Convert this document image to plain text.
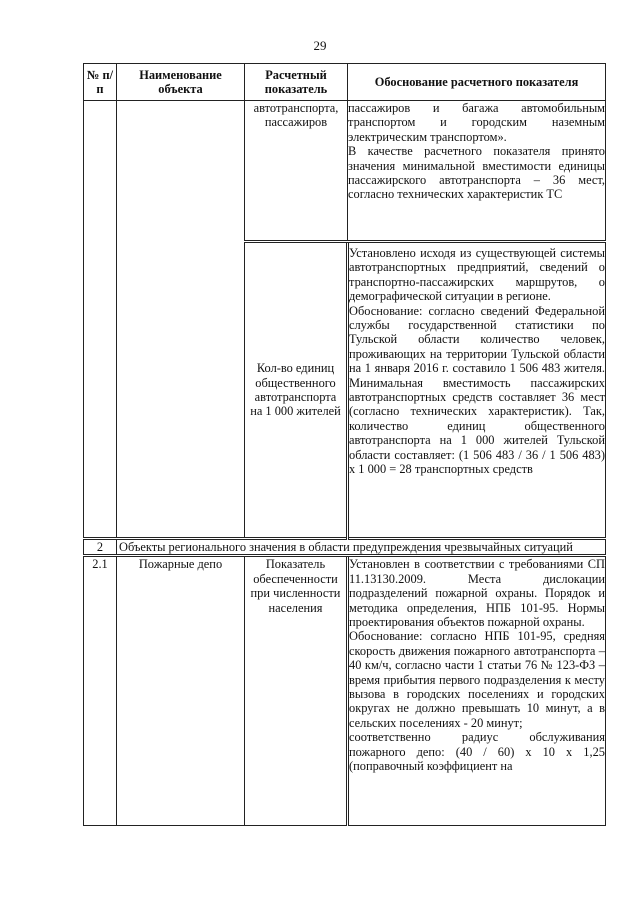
29
№ п/п	Наименование объекта	Расчетный показатель	Обоснование расчетного показателя

		автотранспорта, пассажиров	пассажиров и багажа автомобильным транспортом и городским наземным электрическим транспортом».
В качестве расчетного показателя принято значения минимальной вместимости единицы пассажирского автотранспорта – 36 мест, согласно технических характеристик ТС

		Кол-во единиц общественного автотранспорта на 1 000 жителей	Установлено исходя из существующей системы автотранспортных предприятий, сведений о транспортно-пассажирских маршрутов, о демографической ситуации в регионе.
Обоснование: согласно сведений Федеральной службы государственной статистики по Тульской области количество человек, проживающих на территории Тульской области на 1 января 2016 г. составило 1 506 483 жителя. Минимальная вместимость пассажирских автотранспортных средств составляет 36 мест (согласно технических характеристик). Так, количество единиц общественного автотранспорта на 1 000 жителей Тульской области составляет: (1 506 483 / 36 / 1 506 483) х 1 000 = 28 транспортных средств

2	Объекты регионального значения в области предупреждения чрезвычайных ситуаций		
2.1	Пожарные депо	Показатель обеспеченности при численности населения	Установлен в соответствии с требованиями СП 11.13130.2009. Места дислокации подразделений пожарной охраны. Порядок и методика определения, НПБ 101-95. Нормы проектирования объектов пожарной охраны.
Обоснование: согласно НПБ 101-95, средняя скорость движения пожарного автотранспорта – 40 км/ч, согласно части 1 статьи 76 № 123-ФЗ – время прибытия первого подразделения к месту вызова в городских поселениях и городских округах не должно превышать 10 минут, а в сельских поселениях - 20 минут;
соответственно радиус обслуживания пожарного депо: (40 / 60) х 10 х 1,25 (поправочный коэффициент на
